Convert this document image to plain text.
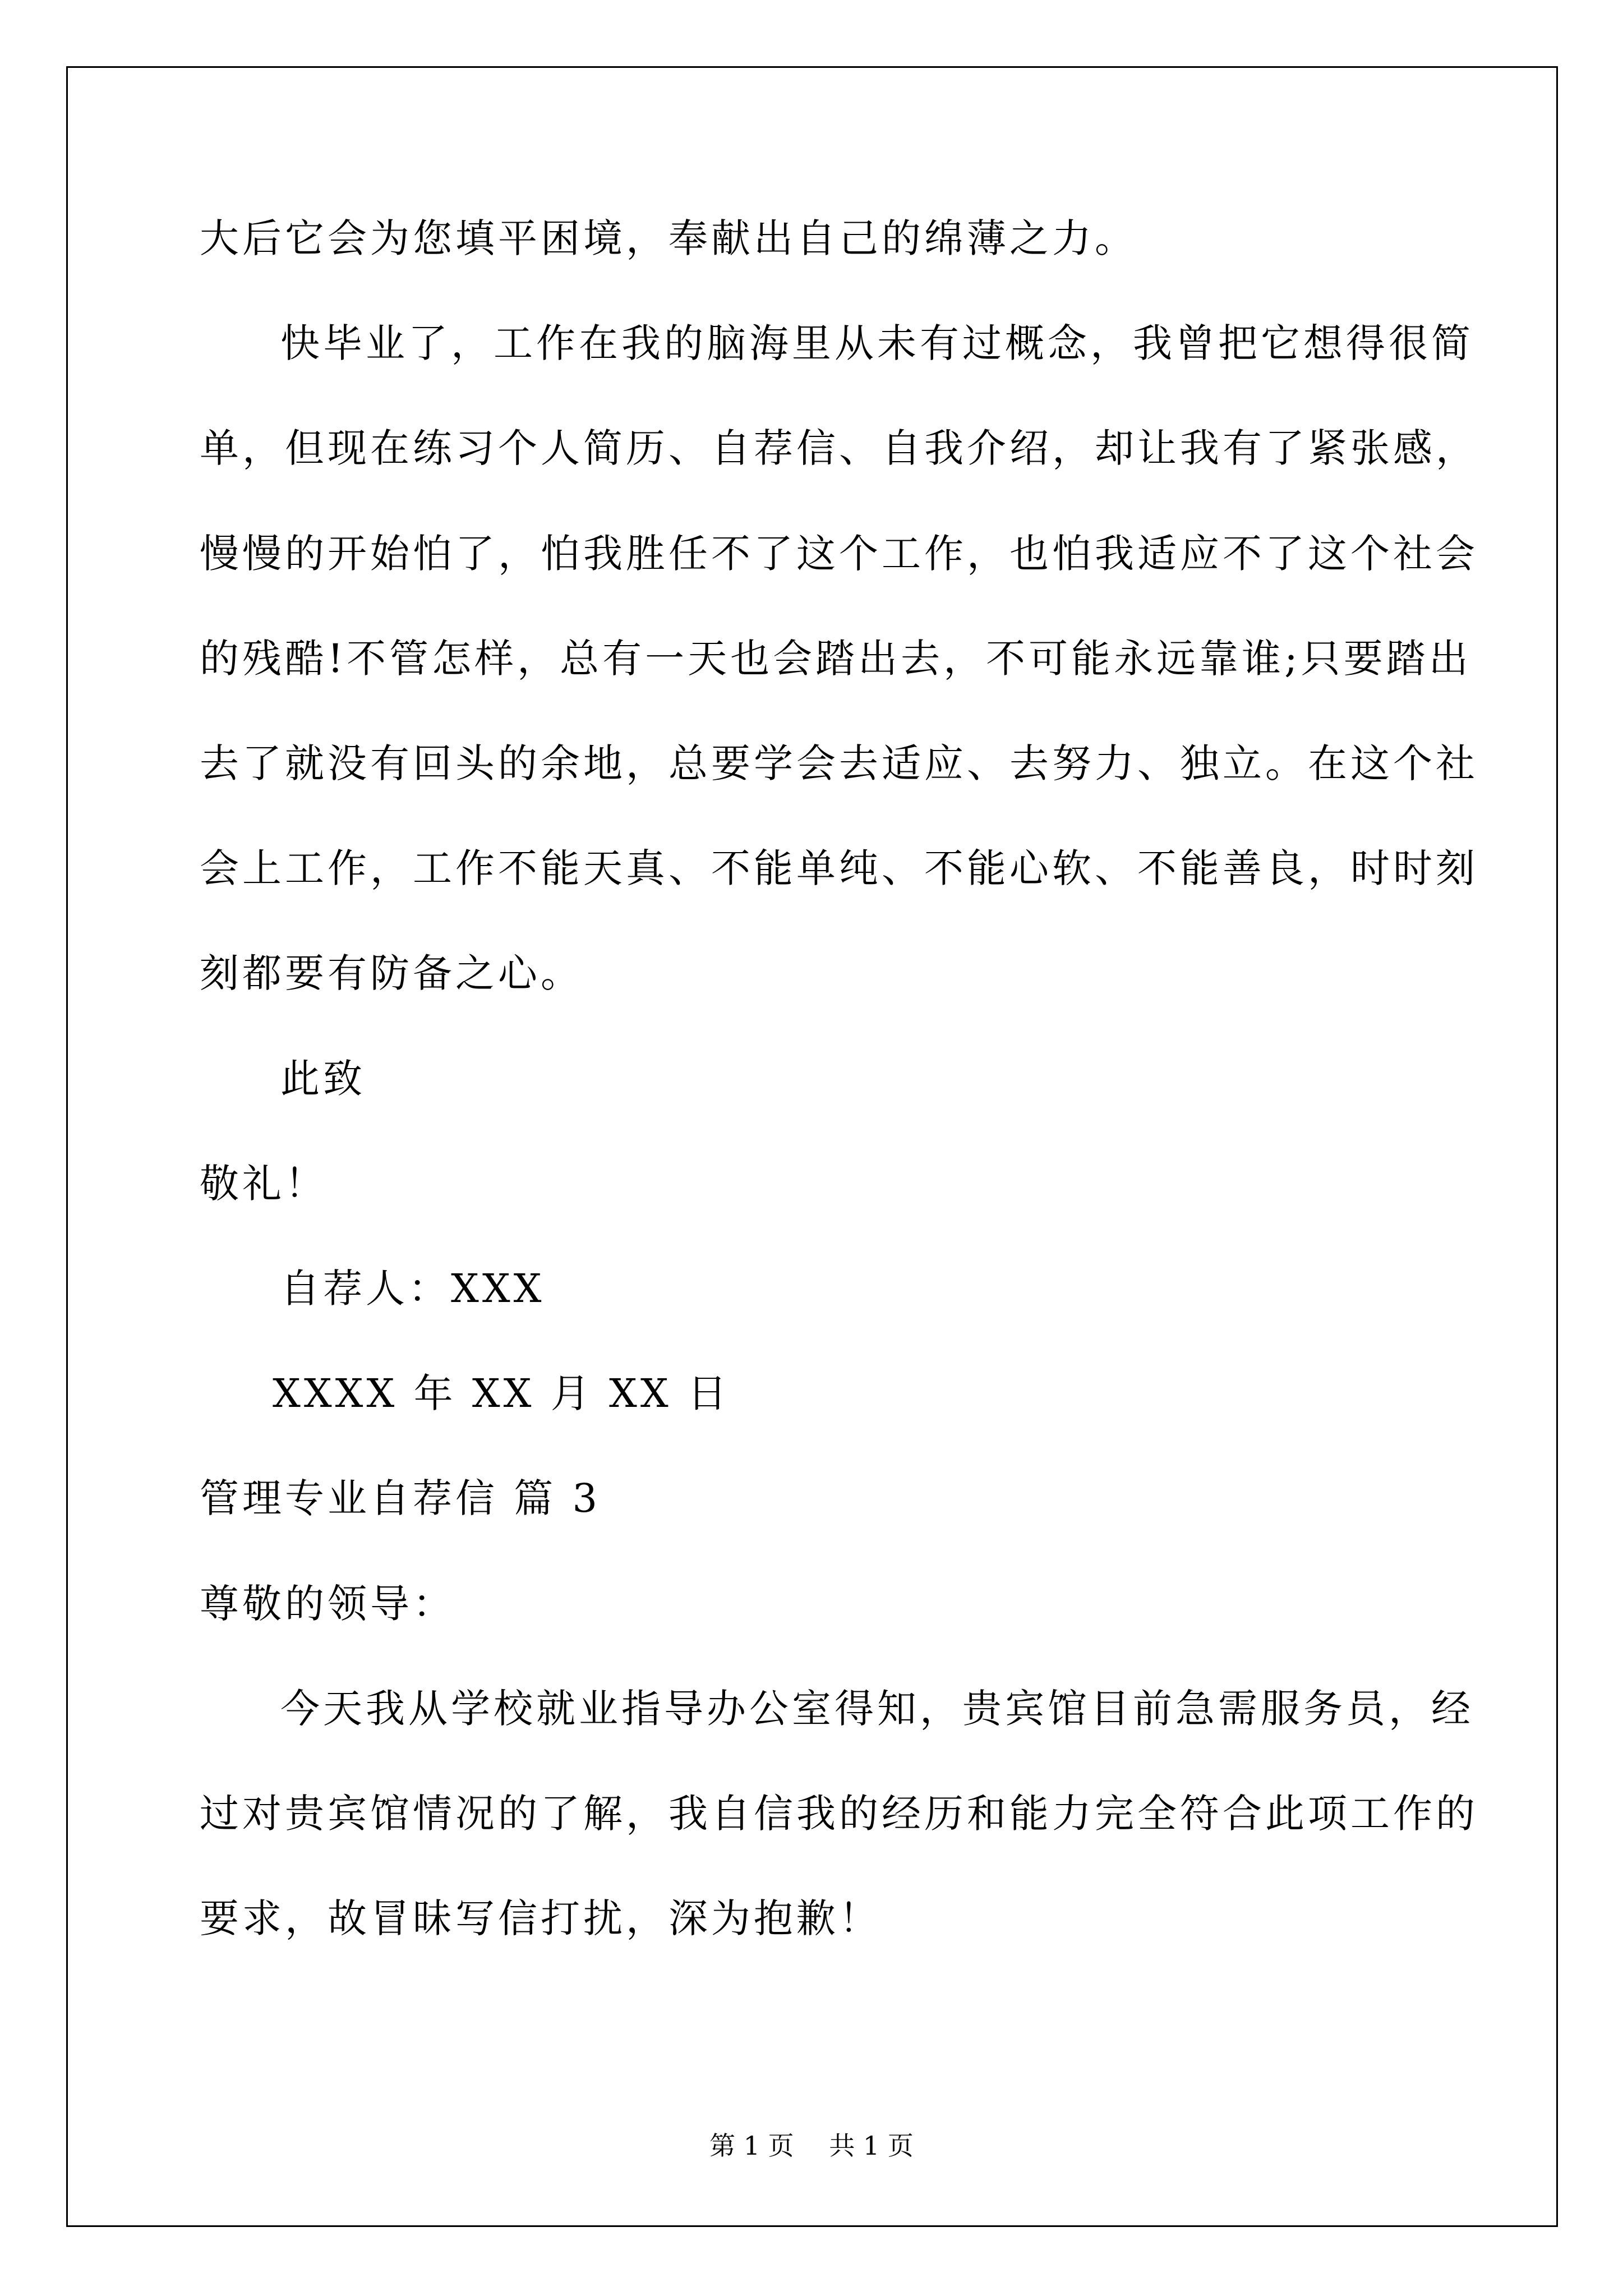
大后它会为您填平困境，奉献出自己的绵薄之力。
快毕业了，工作在我的脑海里从未有过概念，我曾把它想得很简
单，但现在练习个人简历、自荐信、自我介绍，却让我有了紧张感，
慢慢的开始怕了，怕我胜任不了这个工作，也怕我适应不了这个社会
的残酷!不管怎样，总有一天也会踏出去，不可能永远靠谁;只要踏出
去了就没有回头的余地，总要学会去适应、去努力、独立。在这个社
会上工作，工作不能天真、不能单纯、不能心软、不能善良，时时刻
刻都要有防备之心。
此致
敬礼！
自荐人：XXX
XXXX 年 XX 月 XX 日
管理专业自荐信 篇 3
尊敬的领导：
今天我从学校就业指导办公室得知，贵宾馆目前急需服务员，经
过对贵宾馆情况的了解，我自信我的经历和能力完全符合此项工作的
要求，故冒昧写信打扰，深为抱歉！
第 1 页 共 1 页
